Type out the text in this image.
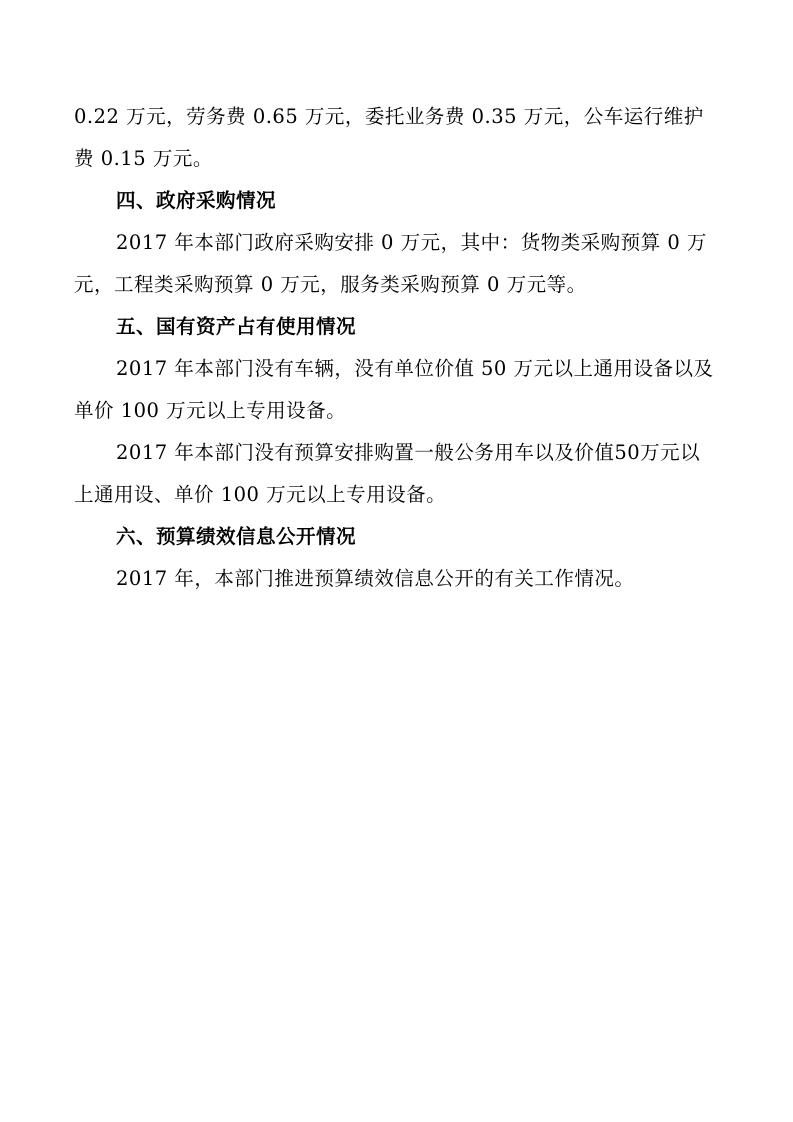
0.22 万元，劳务费 0.65 万元，委托业务费 0.35 万元，公车运行维护
费 0.15 万元。
四、政府采购情况
2017 年本部门政府采购安排 0 万元，其中：货物类采购预算 0 万
元，工程类采购预算 0 万元，服务类采购预算 0 万元等。
五、国有资产占有使用情况
2017 年本部门没有车辆，没有单位价值 50 万元以上通用设备以及
单价 100 万元以上专用设备。
2017 年本部门没有预算安排购置一般公务用车以及价值50万元以
上通用设、单价 100 万元以上专用设备。
六、预算绩效信息公开情况
2017 年，本部门推进预算绩效信息公开的有关工作情况。
